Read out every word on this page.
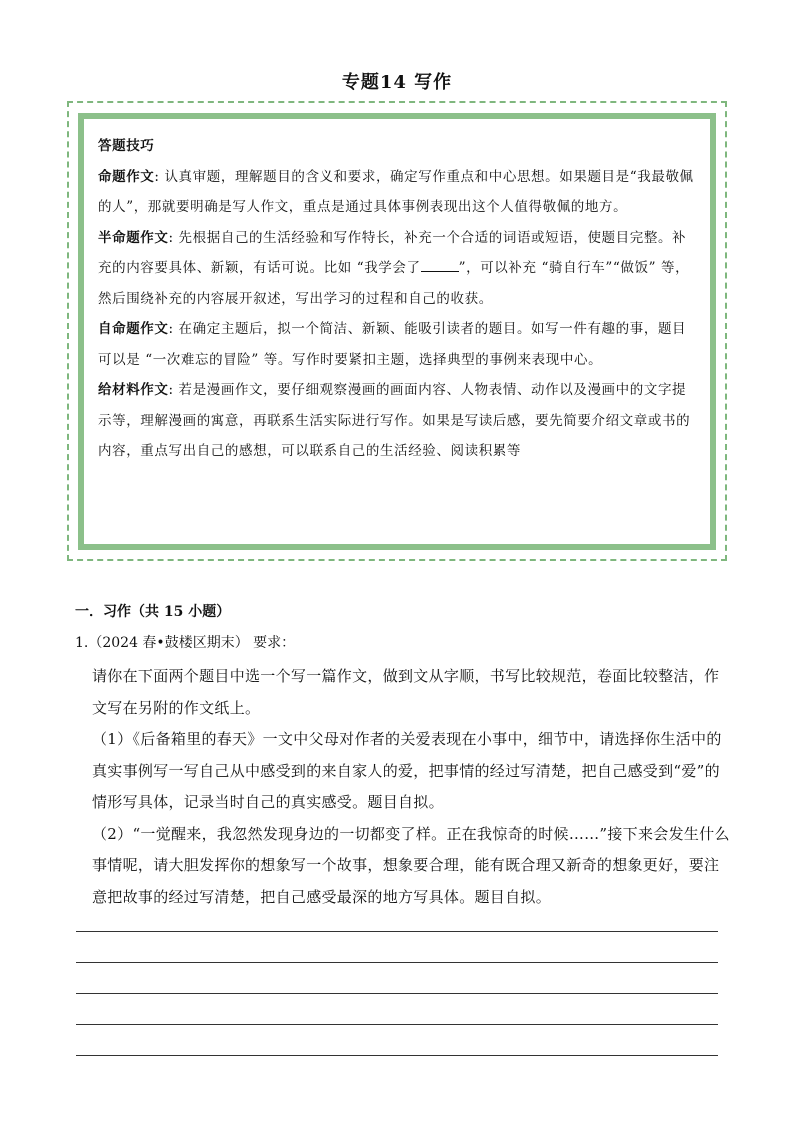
专题14 写作

答题技巧

命题作文: 认真审题，理解题目的含义和要求，确定写作重点和中心思想。如果题目是“我最敬佩的人”，那就要明确是写人作文，重点是通过具体事例表现出这个人值得敬佩的地方。

半命题作文: 先根据自己的生活经验和写作特长，补充一个合适的词语或短语，使题目完整。补充的内容要具体、新颖，有话可说。比如 “我学会了	”，可以补充 “骑自行车”“做饭” 等，然后围绕补充的内容展开叙述，写出学习的过程和自己的收获。

自命题作文: 在确定主题后，拟一个简洁、新颖、能吸引读者的题目。如写一件有趣的事，题目可以是 “一次难忘的冒险” 等。写作时要紧扣主题，选择典型的事例来表现中心。

给材料作文: 若是漫画作文，要仔细观察漫画的画面内容、人物表情、动作以及漫画中的文字提示等，理解漫画的寓意，再联系生活实际进行写作。如果是写读后感，要先简要介绍文章或书的内容，重点写出自己的感想，可以联系自己的生活经验、阅读积累等

一．习作（共 15 小题）
1.（2024 春•鼓楼区期末） 要求：

请你在下面两个题目中选一个写一篇作文，做到文从字顺，书写比较规范，卷面比较整洁，作文写在另附的作文纸上。

（1）《后备箱里的春天》一文中父母对作者的关爱表现在小事中，细节中，请选择你生活中的真实事例写一写自己从中感受到的来自家人的爱，把事情的经过写清楚，把自己感受到“爱”的情形写具体，记录当时自己的真实感受。题目自拟。

（2）“一觉醒来，我忽然发现身边的一切都变了样。正在我惊奇的时候……”接下来会发生什么事情呢，请大胆发挥你的想象写一个故事，想象要合理，能有既合理又新奇的想象更好，要注意把故事的经过写清楚，把自己感受最深的地方写具体。题目自拟。
